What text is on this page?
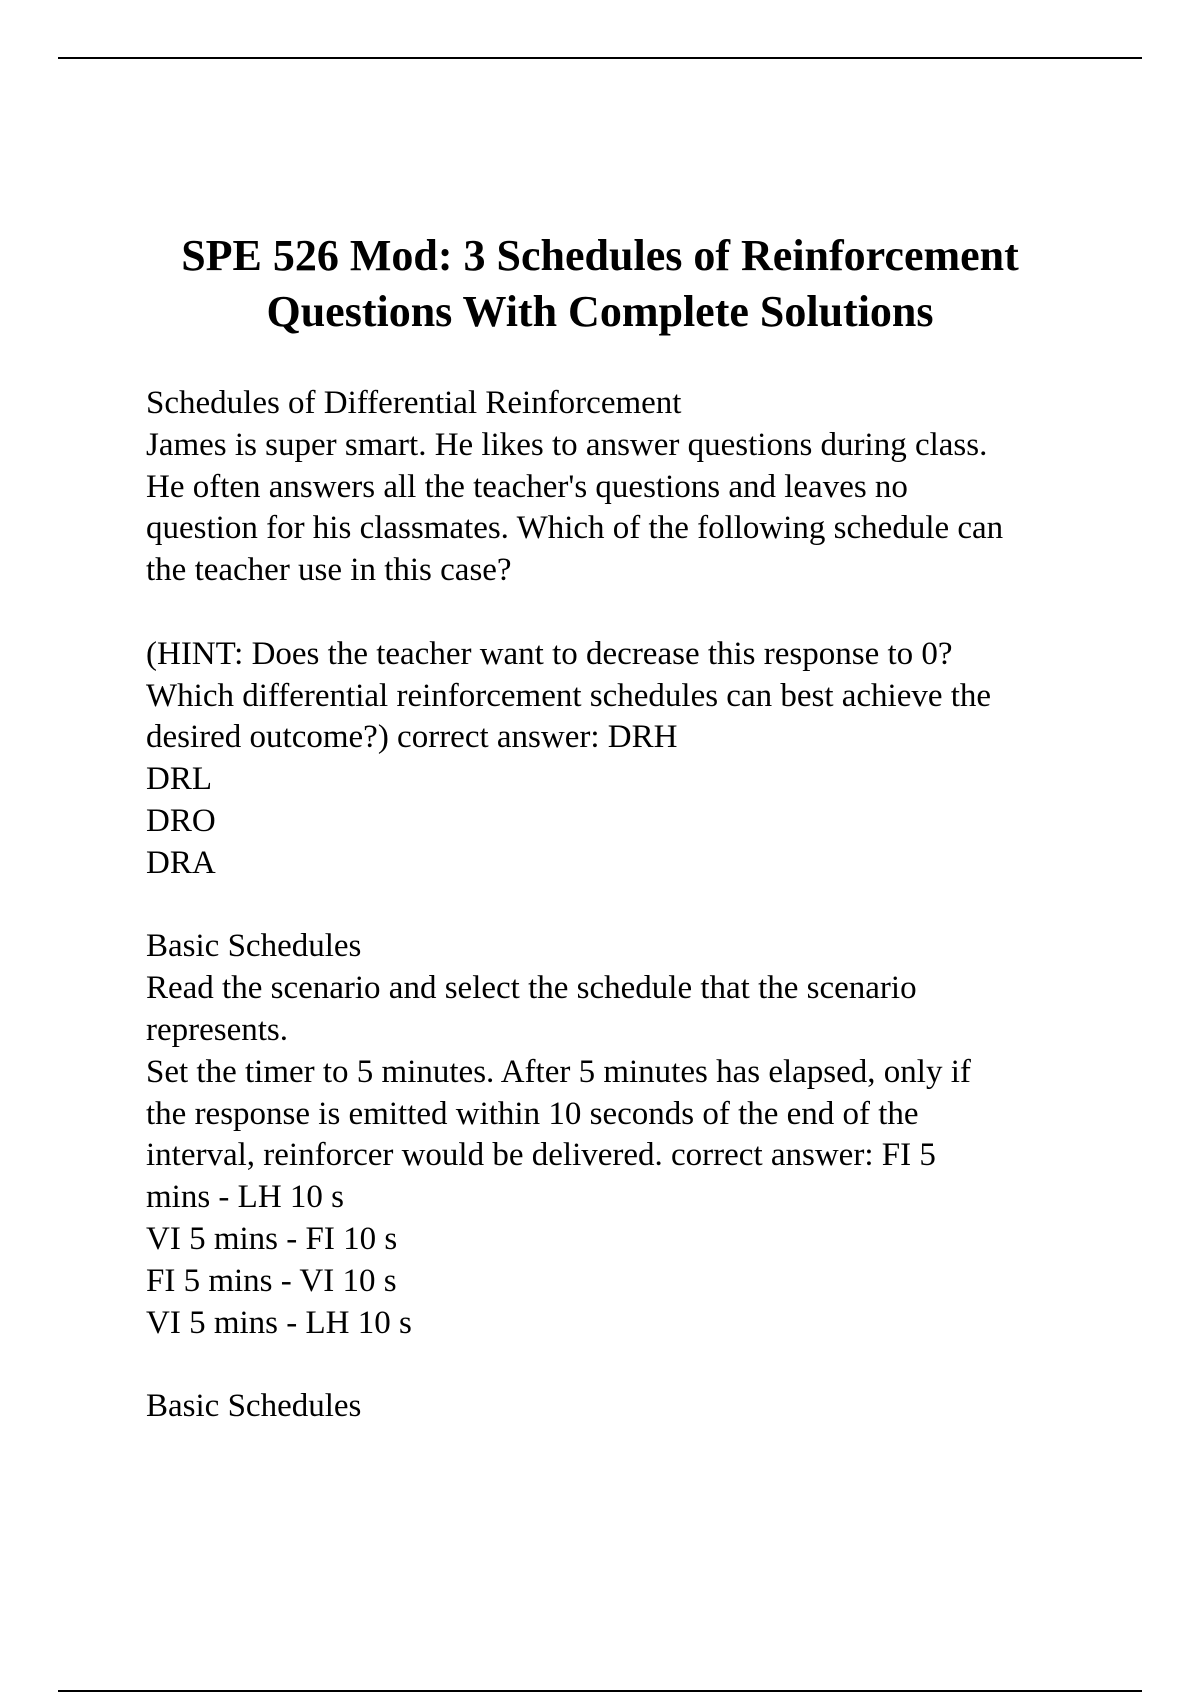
SPE 526 Mod: 3 Schedules of Reinforcement
Questions With Complete Solutions
Schedules of Differential Reinforcement
James is super smart. He likes to answer questions during class.
He often answers all the teacher's questions and leaves no
question for his classmates. Which of the following schedule can
the teacher use in this case?
(HINT: Does the teacher want to decrease this response to 0?
Which differential reinforcement schedules can best achieve the
desired outcome?) correct answer: DRH
DRL
DRO
DRA
Basic Schedules
Read the scenario and select the schedule that the scenario
represents.
Set the timer to 5 minutes. After 5 minutes has elapsed, only if
the response is emitted within 10 seconds of the end of the
interval, reinforcer would be delivered. correct answer: FI 5
mins - LH 10 s
VI 5 mins - FI 10 s
FI 5 mins - VI 10 s
VI 5 mins - LH 10 s
Basic Schedules
